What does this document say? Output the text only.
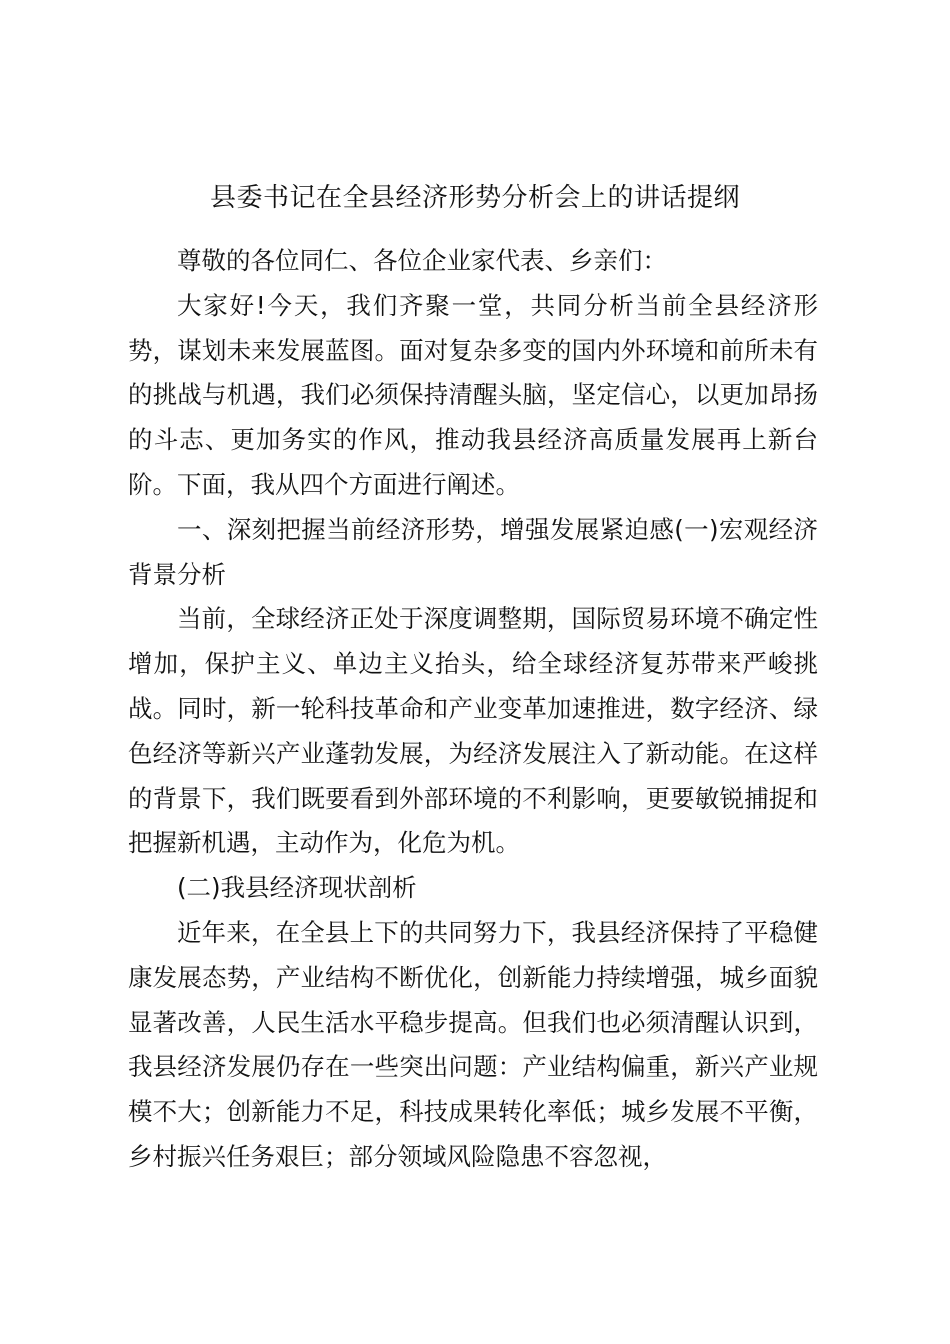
县委书记在全县经济形势分析会上的讲话提纲

尊敬的各位同仁、各位企业家代表、乡亲们：

大家好!今天，我们齐聚一堂，共同分析当前全县经济形势，谋划未来发展蓝图。面对复杂多变的国内外环境和前所未有的挑战与机遇，我们必须保持清醒头脑，坚定信心，以更加昂扬的斗志、更加务实的作风，推动我县经济高质量发展再上新台阶。下面，我从四个方面进行阐述。

一、深刻把握当前经济形势，增强发展紧迫感(一)宏观经济背景分析

当前，全球经济正处于深度调整期，国际贸易环境不确定性增加，保护主义、单边主义抬头，给全球经济复苏带来严峻挑战。同时，新一轮科技革命和产业变革加速推进，数字经济、绿色经济等新兴产业蓬勃发展，为经济发展注入了新动能。在这样的背景下，我们既要看到外部环境的不利影响，更要敏锐捕捉和把握新机遇，主动作为，化危为机。

(二)我县经济现状剖析

近年来，在全县上下的共同努力下，我县经济保持了平稳健康发展态势，产业结构不断优化，创新能力持续增强，城乡面貌显著改善，人民生活水平稳步提高。但我们也必须清醒认识到，我县经济发展仍存在一些突出问题：产业结构偏重，新兴产业规模不大；创新能力不足，科技成果转化率低；城乡发展不平衡，乡村振兴任务艰巨；部分领域风险隐患不容忽视，
